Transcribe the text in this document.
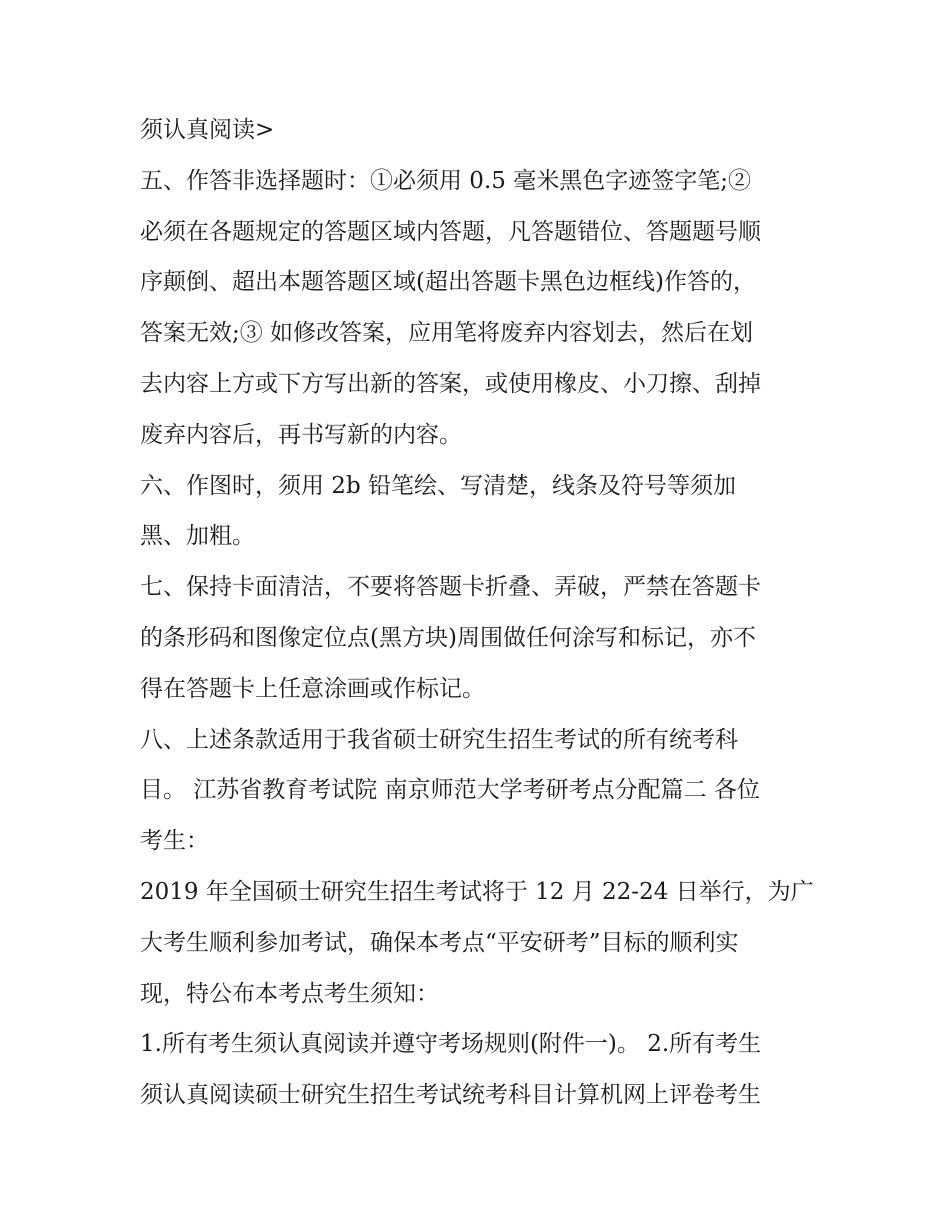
须认真阅读>
五、作答非选择题时：①必须用 0.5 毫米黑色字迹签字笔;②
必须在各题规定的答题区域内答题，凡答题错位、答题题号顺
序颠倒、超出本题答题区域(超出答题卡黑色边框线)作答的，
答案无效;③ 如修改答案，应用笔将废弃内容划去，然后在划
去内容上方或下方写出新的答案，或使用橡皮、小刀擦、刮掉
废弃内容后，再书写新的内容。
六、作图时，须用 2b 铅笔绘、写清楚，线条及符号等须加
黑、加粗。
七、保持卡面清洁，不要将答题卡折叠、弄破，严禁在答题卡
的条形码和图像定位点(黑方块)周围做任何涂写和标记，亦不
得在答题卡上任意涂画或作标记。
八、上述条款适用于我省硕士研究生招生考试的所有统考科
目。 江苏省教育考试院 南京师范大学考研考点分配篇二 各位
考生：
2019 年全国硕士研究生招生考试将于 12 月 22-24 日举行，为广
大考生顺利参加考试，确保本考点“平安研考”目标的顺利实
现，特公布本考点考生须知：
1.所有考生须认真阅读并遵守考场规则(附件一)。 2.所有考生
须认真阅读硕士研究生招生考试统考科目计算机网上评卷考生
